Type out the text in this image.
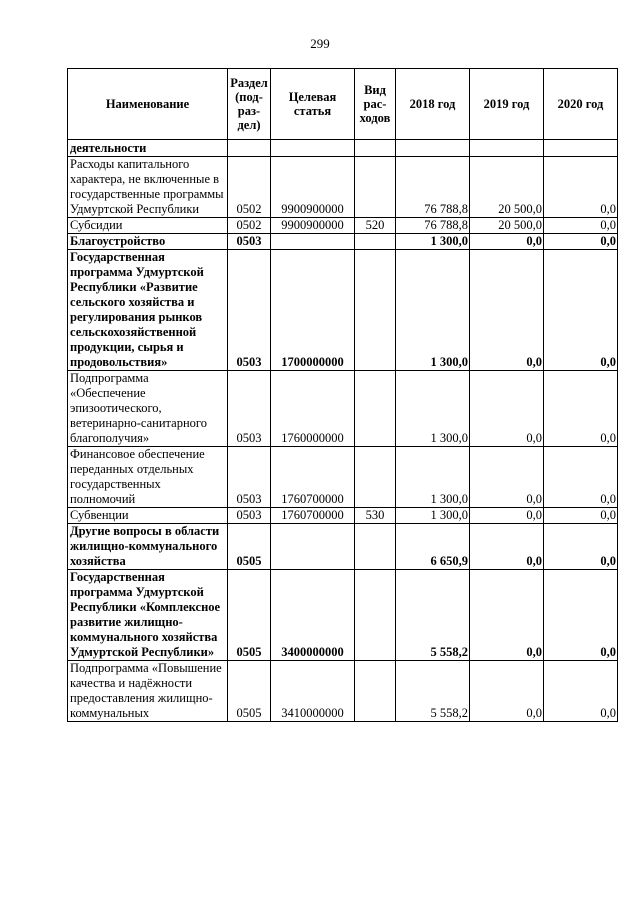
299
Наименование	Раздел (под-раз-дел)	Целевая статья	Вид рас-ходов	2018 год	2019 год	2020 год
деятельности						
Расходы капитального характера, не включенные в государственные программы Удмуртской Республики	0502	9900900000		76 788,8	20 500,0	0,0
Субсидии	0502	9900900000	520	76 788,8	20 500,0	0,0
Благоустройство	0503			1 300,0	0,0	0,0
Государственная программа Удмуртской Республики «Развитие сельского хозяйства и регулирования рынков сельскохозяйственной продукции, сырья и продовольствия»	0503	1700000000		1 300,0	0,0	0,0
Подпрограмма «Обеспечение эпизоотического, ветеринарно-санитарного благополучия»	0503	1760000000		1 300,0	0,0	0,0
Финансовое обеспечение переданных отдельных государственных полномочий	0503	1760700000		1 300,0	0,0	0,0
Субвенции	0503	1760700000	530	1 300,0	0,0	0,0
Другие вопросы в области жилищно-коммунального хозяйства	0505			6 650,9	0,0	0,0
Государственная программа Удмуртской Республики «Комплексное развитие жилищно-коммунального хозяйства Удмуртской Республики»	0505	3400000000		5 558,2	0,0	0,0
Подпрограмма «Повышение качества и надёжности предоставления жилищно-коммунальных	0505	3410000000		5 558,2	0,0	0,0
